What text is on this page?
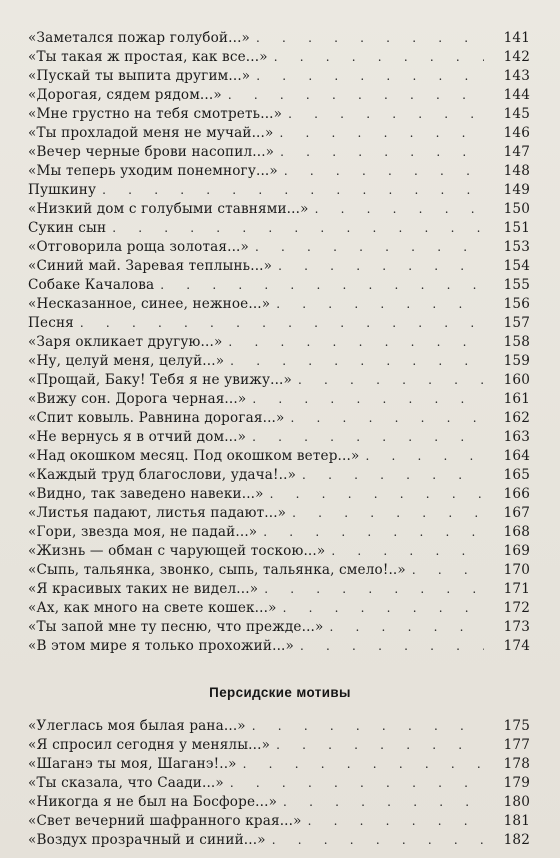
. . .
«Заметался пожар голубой...»	141
. . .
«Ты такая ж простая, как все...»	142
. . .
«Пускай ты выпита другим...»	143
. . .
«Дорогая, сядем рядом...»	144
. . .
«Мне грустно на тебя смотреть...»	145
. . .
«Ты прохладой меня не мучай...»	146
. . .
«Вечер черные брови насопил...»	147
. . .
«Мы теперь уходим понемногу...»	148
. . .
Пушкину	149
. . .
«Низкий дом с голубыми ставнями...»	150
. . .
Сукин сын	151
. . .
«Отговорила роща золотая...»	153
. . .
«Синий май. Заревая теплынь...»	154
. . .
Собаке Качалова	155
. . .
«Несказанное, синее, нежное...»	156
. . .
Песня	157
. . .
«Заря окликает другую...»	158
. . .
«Ну, целуй меня, целуй...»	159
. . .
«Прощай, Баку! Тебя я не увижу...»	160
. . .
«Вижу сон. Дорога черная...»	161
. . .
«Спит ковыль. Равнина дорогая...»	162
. . .
«Не вернусь я в отчий дом...»	163
. . .
«Над окошком месяц. Под окошком ветер...»	164
. . .
«Каждый труд благослови, удача!..»	165
. . .
«Видно, так заведено навеки...»	166
. . .
«Листья падают, листья падают...»	167
. . .
«Гори, звезда моя, не падай...»	168
. . .
«Жизнь — обман с чарующей тоскою...»	169
. . .
«Сыпь, тальянка, звонко, сыпь, тальянка, смело!..»	170
. . .
«Я красивых таких не видел...»	171
. . .
«Ах, как много на свете кошек...»	172
. . .
«Ты запой мне ту песню, что прежде...»	173
. . .
«В этом мире я только прохожий...»	174
Персидские мотивы
. . .
«Улеглась моя былая рана...»	175
. . .
«Я спросил сегодня у менялы...»	177
. . .
«Шаганэ ты моя, Шаганэ!..»	178
. . .
«Ты сказала, что Саади...»	179
. . .
«Никогда я не был на Босфоре...»	180
. . .
«Свет вечерний шафранного края...»	181
. . .
«Воздух прозрачный и синий...»	182
